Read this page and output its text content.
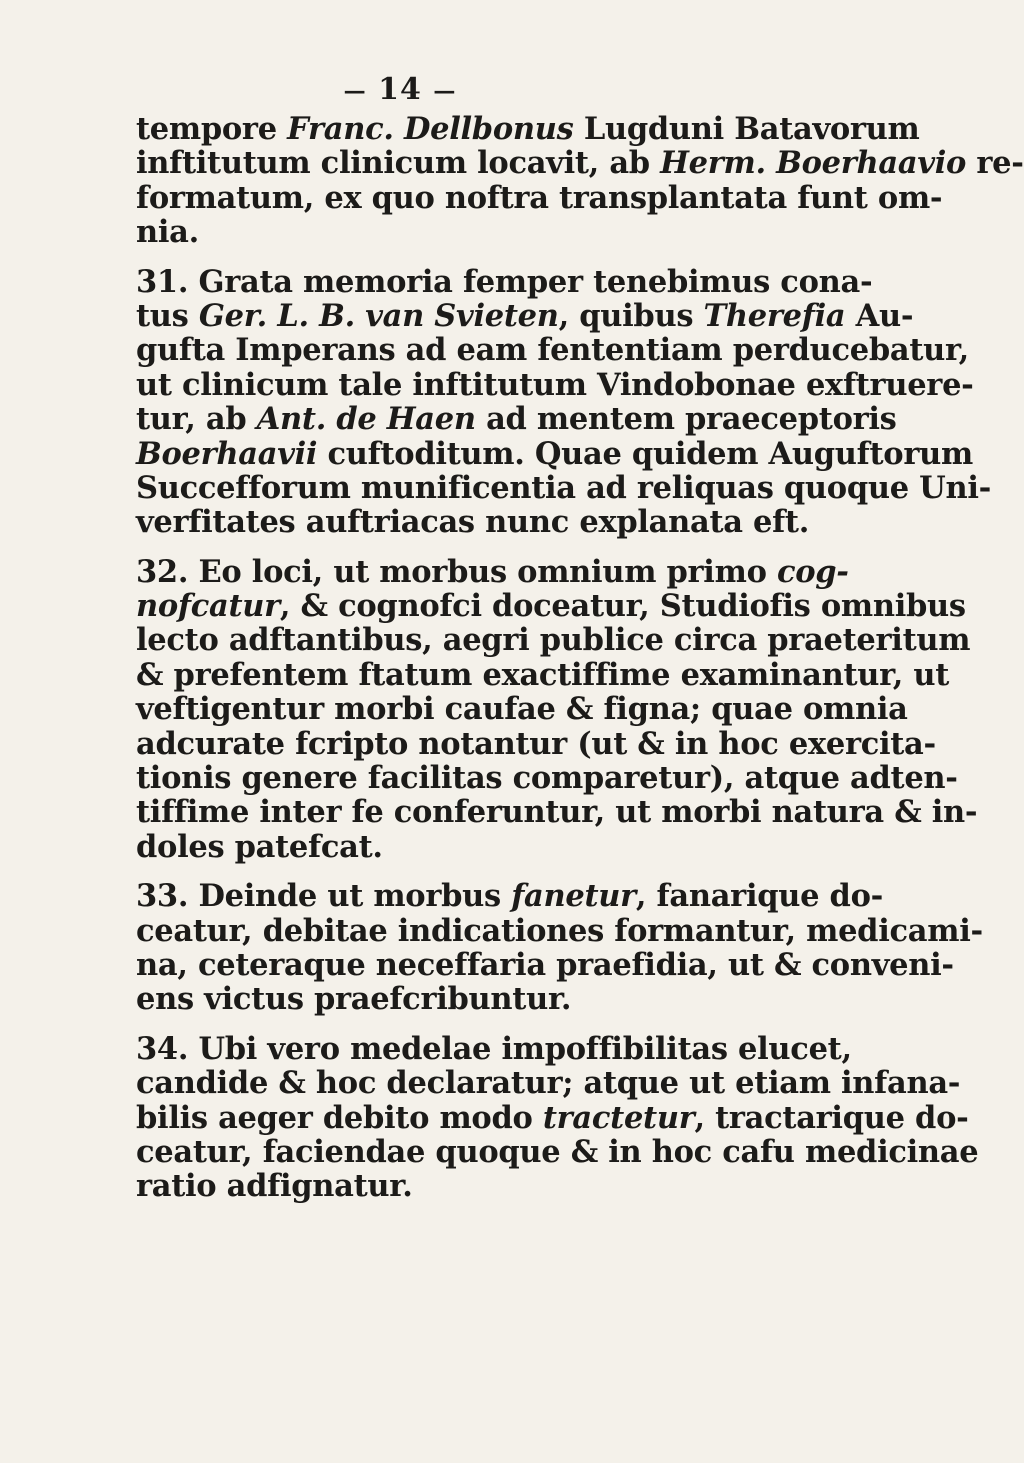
— 14 —
tempore Franc. Dellbonus Lugduni Batavorum
inftitutum clinicum locavit, ab Herm. Boerhaavio re-
formatum, ex quo noftra transplantata funt om-
nia.
31. Grata memoria femper tenebimus cona-
tus Ger. L. B. van Svieten, quibus Therefia Au-
gufta Imperans ad eam fententiam perducebatur,
ut clinicum tale inftitutum Vindobonae exftruere-
tur, ab Ant. de Haen ad mentem praeceptoris
Boerhaavii cuftoditum. Quae quidem Auguftorum
Succefforum munificentia ad reliquas quoque Uni-
verfitates auftriacas nunc explanata eft.
32. Eo loci, ut morbus omnium primo cog-
nofcatur, & cognofci doceatur, Studiofis omnibus
lecto adftantibus, aegri publice circa praeteritum
& prefentem ftatum exactiffime examinantur, ut
veftigentur morbi caufae & figna; quae omnia
adcurate fcripto notantur (ut & in hoc exercita-
tionis genere facilitas comparetur), atque adten-
tiffime inter fe conferuntur, ut morbi natura & in-
doles patefcat.
33. Deinde ut morbus fanetur, fanarique do-
ceatur, debitae indicationes formantur, medicami-
na, ceteraque neceffaria praefidia, ut & conveni-
ens victus praefcribuntur.
34. Ubi vero medelae impoffibilitas elucet,
candide & hoc declaratur; atque ut etiam infana-
bilis aeger debito modo tractetur, tractarique do-
ceatur, faciendae quoque & in hoc cafu medicinae
ratio adfignatur.
